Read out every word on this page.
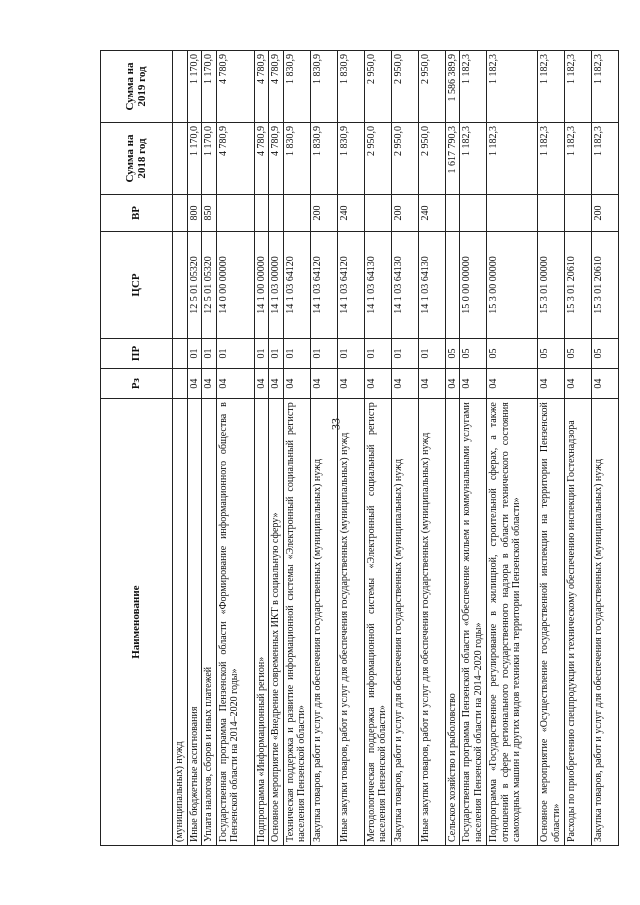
33
Наименование	Рз	ПР	ЦСР	ВР	Сумма на 2018 год	Сумма на 2019 год
(муниципальных) нужд						
Иные бюджетные ассигнования	04	01	12 5 01 05320	800	1 170,0	1 170,0
Уплата налогов, сборов и иных платежей	04	01	12 5 01 05320	850	1 170,0	1 170,0
Государственная программа Пензенской области «Формирование информационного общества в Пензенской области на 2014–2020 годы»	04	01	14 0 00 00000		4 780,9	4 780,9
Подпрограмма «Информационный регион»	04	01	14 1 00 00000		4 780,9	4 780,9
Основное мероприятие «Внедрение современных ИКТ в социальную сферу»	04	01	14 1 03 00000		4 780,9	4 780,9
Техническая поддержка и развитие информационной системы «Электронный социальный регистр населения Пензенской области»	04	01	14 1 03 64120		1 830,9	1 830,9
Закупка товаров, работ и услуг для обеспечения государственных (муниципальных) нужд	04	01	14 1 03 64120	200	1 830,9	1 830,9
Иные закупки товаров, работ и услуг для обеспечения государственных (муниципальных) нужд	04	01	14 1 03 64120	240	1 830,9	1 830,9
Методологическая поддержка информационной системы «Электронный социальный регистр населения Пензенской области»	04	01	14 1 03 64130		2 950,0	2 950,0
Закупка товаров, работ и услуг для обеспечения государственных (муниципальных) нужд	04	01	14 1 03 64130	200	2 950,0	2 950,0
Иные закупки товаров, работ и услуг для обеспечения государственных (муниципальных) нужд	04	01	14 1 03 64130	240	2 950,0	2 950,0
Сельское хозяйство и рыболовство	04	05			1 617 790,3	1 586 389,9
Государственная программа Пензенской области «Обеспечение жильем и коммунальными услугами населения Пензенской области на 2014–2020 годы»	04	05	15 0 00 00000		1 182,3	1 182,3
Подпрограмма «Государственное регулирование в жилищной, строительной сферах, а также отношений в сфере регионального государственного надзора в области технического состояния самоходных машин и других видов техники на территории Пензенской области»	04	05	15 3 00 00000		1 182,3	1 182,3
Основное мероприятие «Осуществление государственной инспекции на территории Пензенской области»	04	05	15 3 01 00000		1 182,3	1 182,3
Расходы по приобретению спецпродукции и техническому обеспечению инспекции Гостехнадзора	04	05	15 3 01 20610		1 182,3	1 182,3
Закупка товаров, работ и услуг для обеспечения государственных (муниципальных) нужд	04	05	15 3 01 20610	200	1 182,3	1 182,3
